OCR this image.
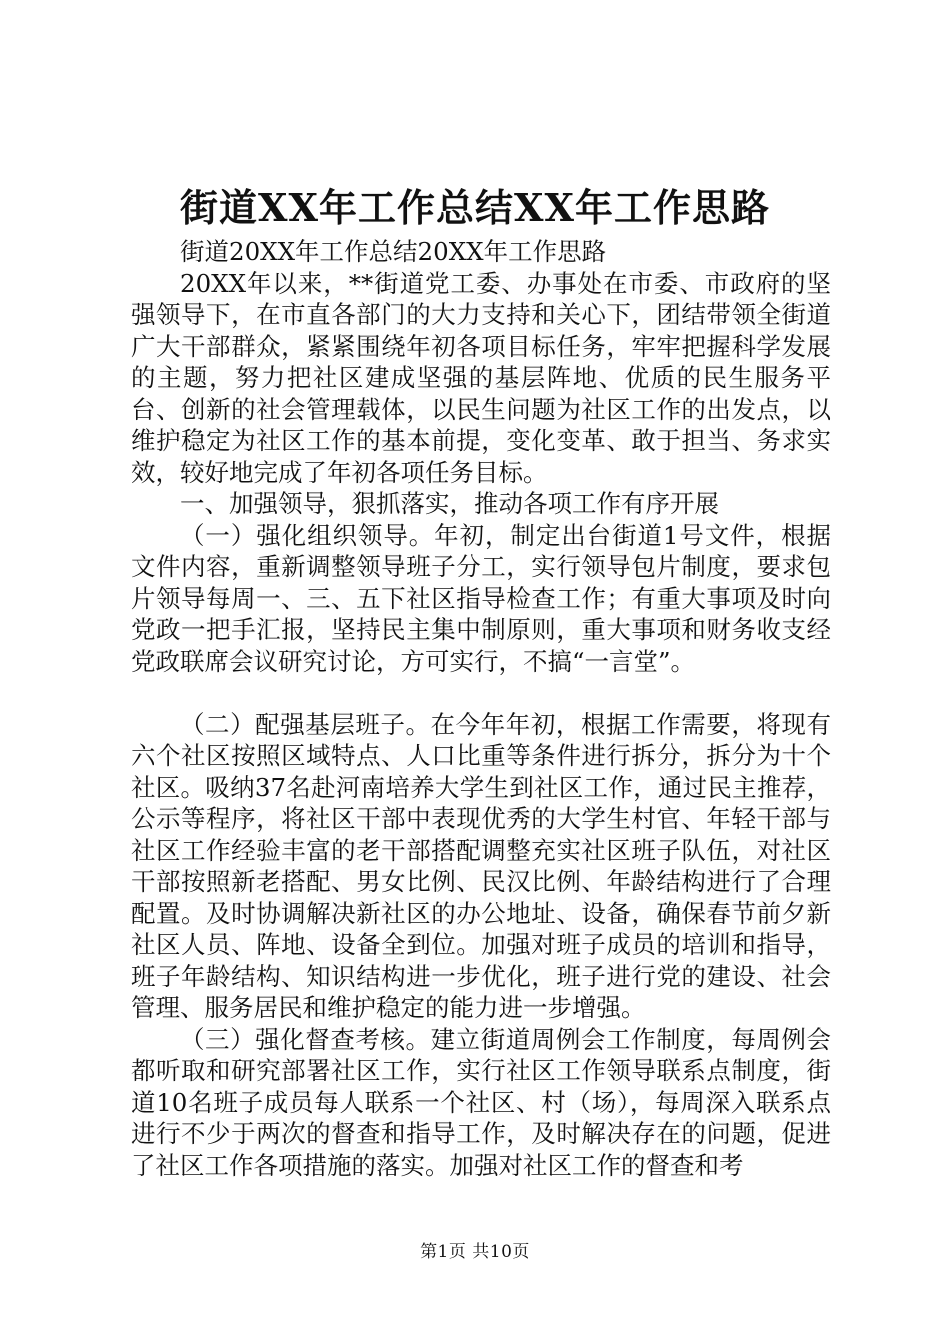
街道XX年工作总结XX年工作思路

街道20XX年工作总结20XX年工作思路

20XX年以来，**街道党工委、办事处在市委、市政府的坚强领导下，在市直各部门的大力支持和关心下，团结带领全街道广大干部群众，紧紧围绕年初各项目标任务，牢牢把握科学发展的主题，努力把社区建成坚强的基层阵地、优质的民生服务平台、创新的社会管理载体，以民生问题为社区工作的出发点，以维护稳定为社区工作的基本前提，变化变革、敢于担当、务求实效，较好地完成了年初各项任务目标。

一、加强领导，狠抓落实，推动各项工作有序开展

（一）强化组织领导。年初，制定出台街道1号文件，根据文件内容，重新调整领导班子分工，实行领导包片制度，要求包片领导每周一、三、五下社区指导检查工作；有重大事项及时向党政一把手汇报，坚持民主集中制原则，重大事项和财务收支经党政联席会议研究讨论，方可实行，不搞“一言堂”。

（二）配强基层班子。在今年年初，根据工作需要，将现有六个社区按照区域特点、人口比重等条件进行拆分，拆分为十个社区。吸纳37名赴河南培养大学生到社区工作，通过民主推荐，公示等程序，将社区干部中表现优秀的大学生村官、年轻干部与社区工作经验丰富的老干部搭配调整充实社区班子队伍，对社区干部按照新老搭配、男女比例、民汉比例、年龄结构进行了合理配置。及时协调解决新社区的办公地址、设备，确保春节前夕新社区人员、阵地、设备全到位。加强对班子成员的培训和指导，班子年龄结构、知识结构进一步优化，班子进行党的建设、社会管理、服务居民和维护稳定的能力进一步增强。

（三）强化督查考核。建立街道周例会工作制度，每周例会都听取和研究部署社区工作，实行社区工作领导联系点制度，街道10名班子成员每人联系一个社区、村（场），每周深入联系点进行不少于两次的督查和指导工作，及时解决存在的问题，促进了社区工作各项措施的落实。加强对社区工作的督查和考

第1页 共10页
